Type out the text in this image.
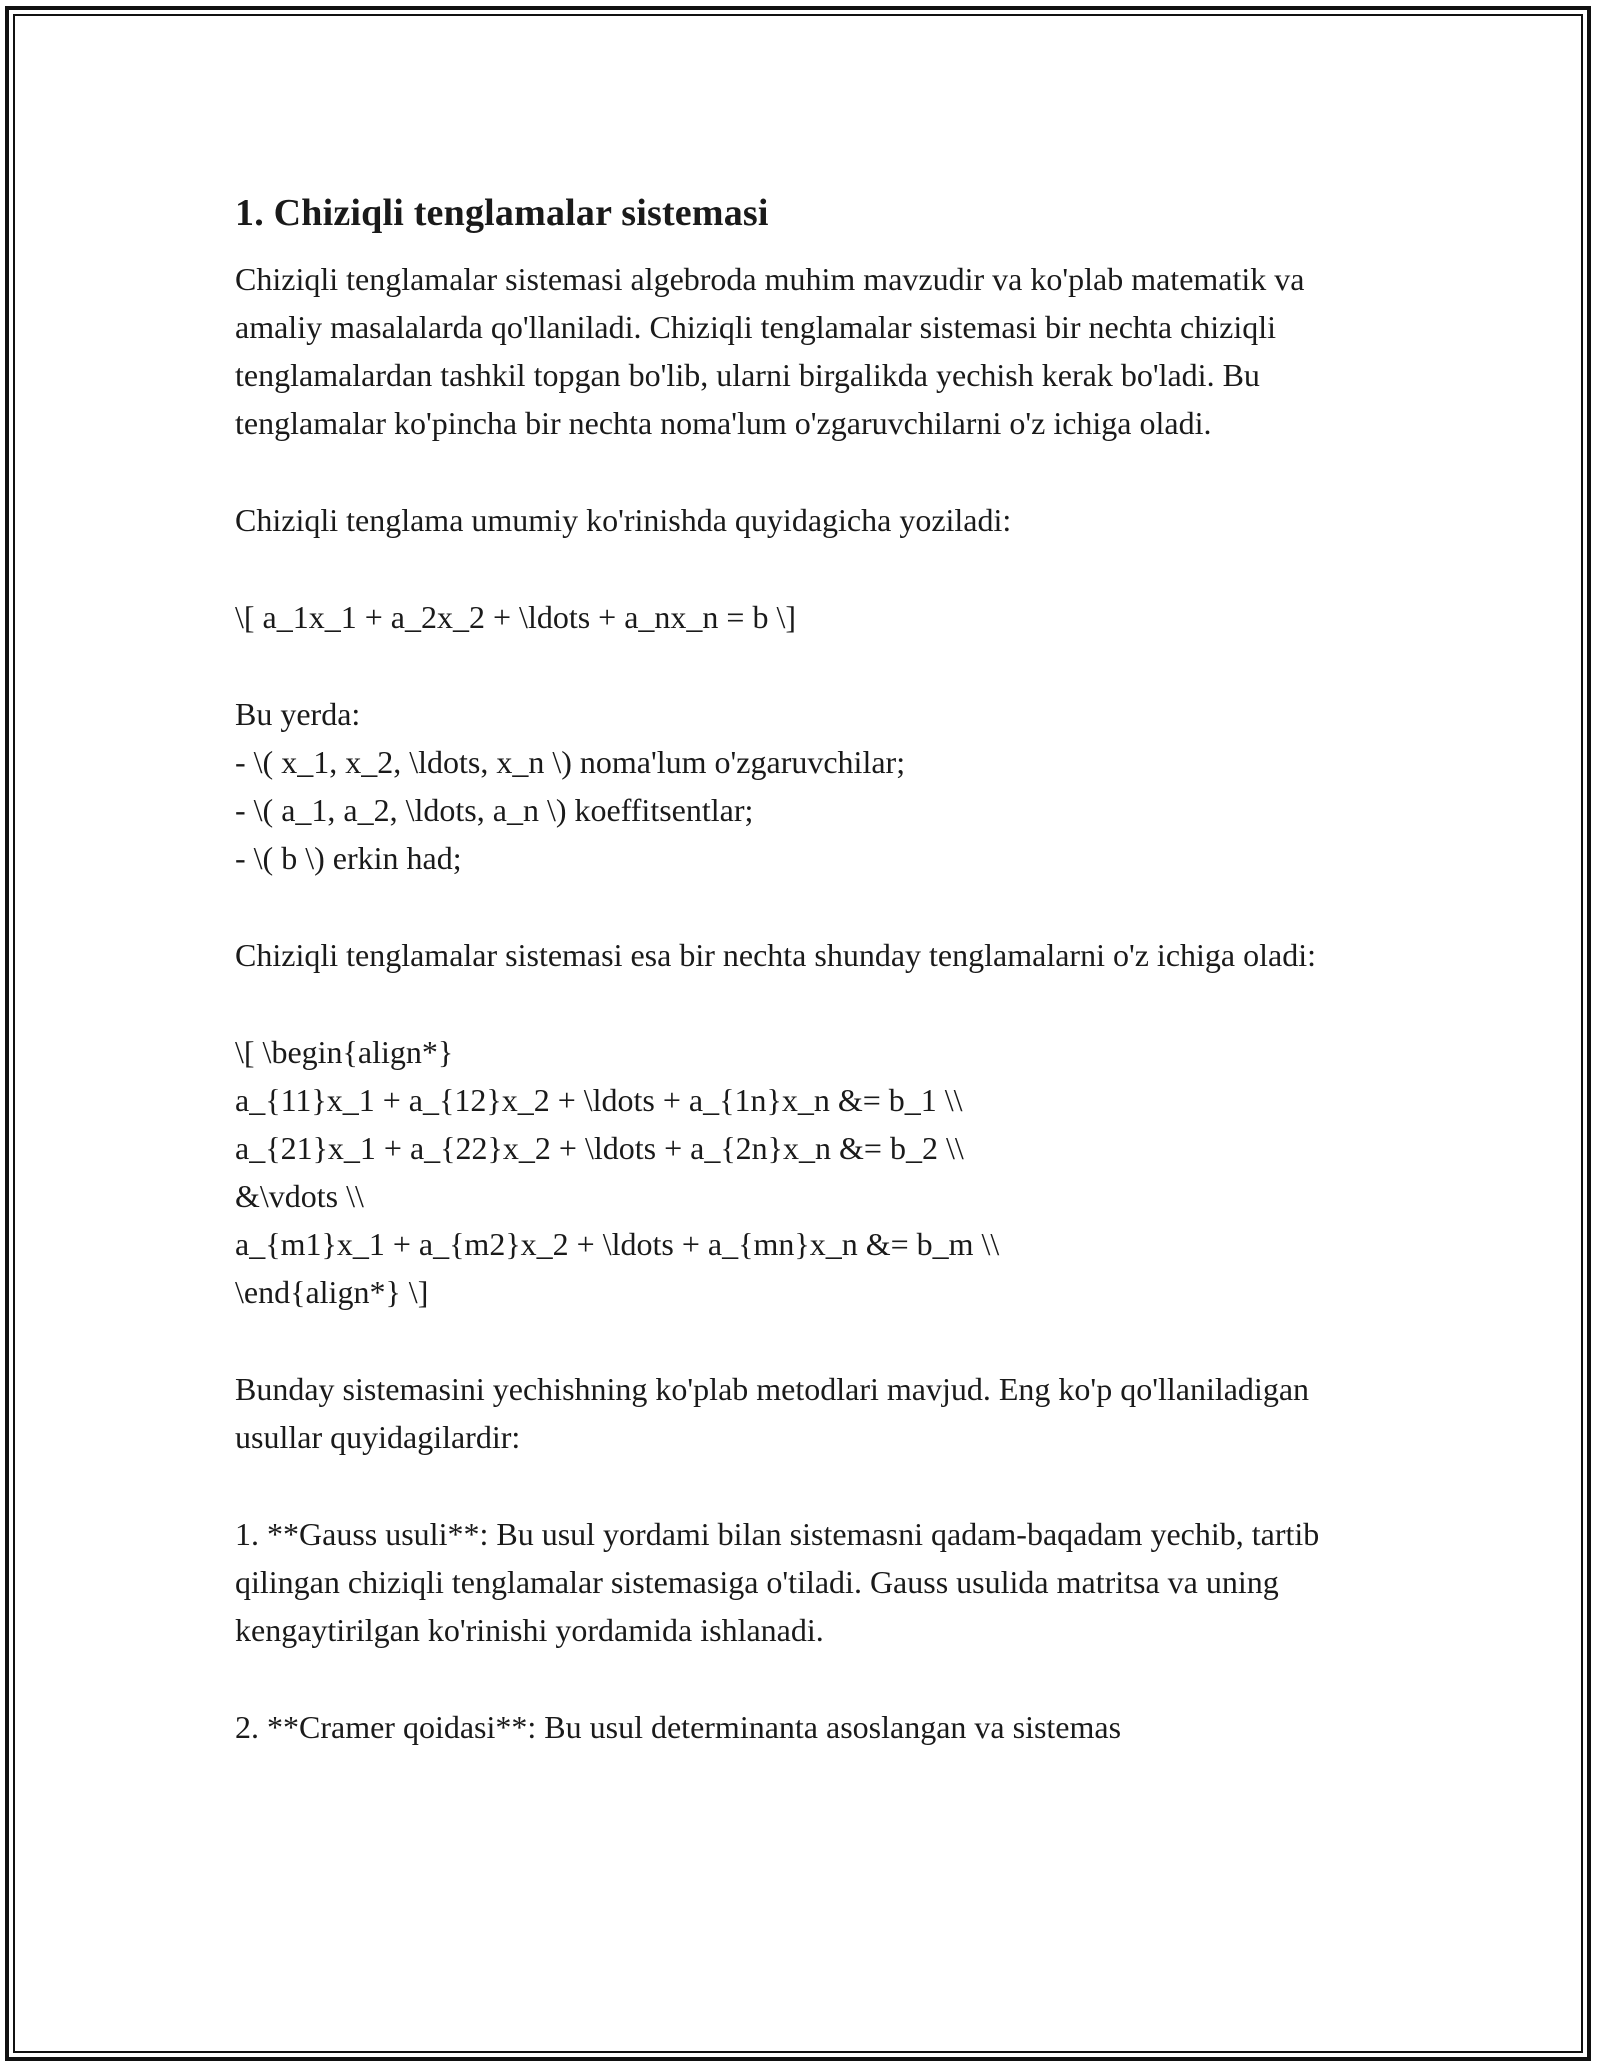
1. Chiziqli tenglamalar sistemasi

Chiziqli tenglamalar sistemasi algebroda muhim mavzudir va ko'plab matematik va amaliy masalalarda qo'llaniladi. Chiziqli tenglamalar sistemasi bir nechta chiziqli tenglamalardan tashkil topgan bo'lib, ularni birgalikda yechish kerak bo'ladi. Bu tenglamalar ko'pincha bir nechta noma'lum o'zgaruvchilarni o'z ichiga oladi.

Chiziqli tenglama umumiy ko'rinishda quyidagicha yoziladi:

\[ a_1x_1 + a_2x_2 + \ldots + a_nx_n = b \]

Bu yerda:
- \( x_1, x_2, \ldots, x_n \) noma'lum o'zgaruvchilar;
- \( a_1, a_2, \ldots, a_n \) koeffitsentlar;
- \( b \) erkin had;

Chiziqli tenglamalar sistemasi esa bir nechta shunday tenglamalarni o'z ichiga oladi:

\[ \begin{align*}
a_{11}x_1 + a_{12}x_2 + \ldots + a_{1n}x_n &= b_1 \\
a_{21}x_1 + a_{22}x_2 + \ldots + a_{2n}x_n &= b_2 \\
&\vdots \\
a_{m1}x_1 + a_{m2}x_2 + \ldots + a_{mn}x_n &= b_m \\
\end{align*} \]

Bunday sistemasini yechishning ko'plab metodlari mavjud. Eng ko'p qo'llaniladigan usullar quyidagilardir:

1. **Gauss usuli**: Bu usul yordami bilan sistemasni qadam-baqadam yechib, tartib qilingan chiziqli tenglamalar sistemasiga o'tiladi. Gauss usulida matritsa va uning kengaytirilgan ko'rinishi yordamida ishlanadi.

2. **Cramer qoidasi**: Bu usul determinanta asoslangan va sistemas
